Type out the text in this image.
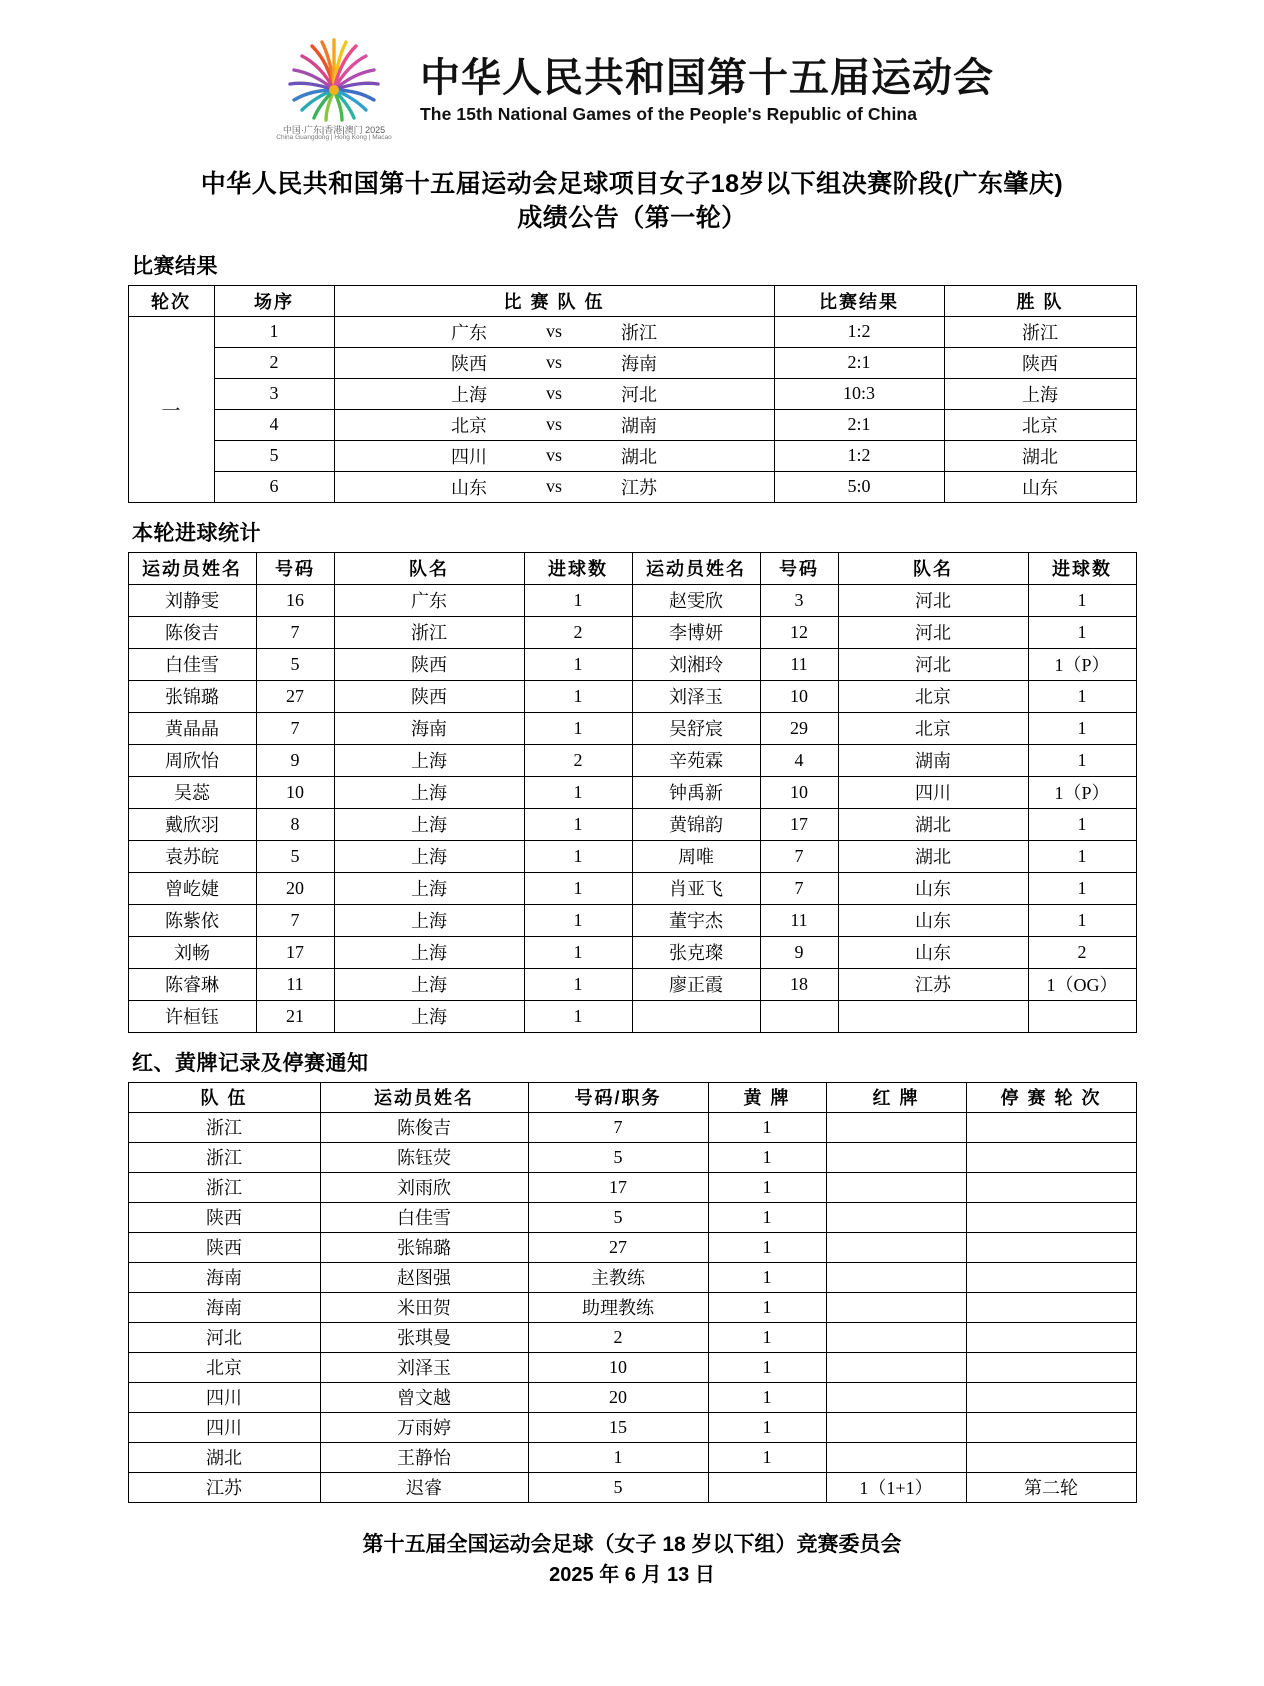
中国·广东|香港|澳门 2025
China Guangdong | Hong Kong | Macao
中华人民共和国第十五届运动会
The 15th National Games of the People's Republic of China
中华人民共和国第十五届运动会足球项目女子18岁以下组决赛阶段(广东肇庆)
成绩公告（第一轮）
比赛结果
轮次	场序	比 赛 队 伍	比赛结果	胜 队
一	1	广东 vs 浙江	1:2	浙江
	2	陕西 vs 海南	2:1	陕西
	3	上海 vs 河北	10:3	上海
	4	北京 vs 湖南	2:1	北京
	5	四川 vs 湖北	1:2	湖北
	6	山东 vs 江苏	5:0	山东
本轮进球统计
运动员姓名	号码	队名	进球数	运动员姓名	号码	队名	进球数
刘静雯	16	广东	1	赵雯欣	3	河北	1
陈俊吉	7	浙江	2	李博妍	12	河北	1
白佳雪	5	陕西	1	刘湘玲	11	河北	1（P）
张锦璐	27	陕西	1	刘泽玉	10	北京	1
黄晶晶	7	海南	1	吴舒宸	29	北京	1
周欣怡	9	上海	2	辛苑霖	4	湖南	1
吴蕊	10	上海	1	钟禹新	10	四川	1（P）
戴欣羽	8	上海	1	黄锦韵	17	湖北	1
袁苏皖	5	上海	1	周唯	7	湖北	1
曾屹婕	20	上海	1	肖亚飞	7	山东	1
陈紫依	7	上海	1	董宇杰	11	山东	1
刘畅	17	上海	1	张克璨	9	山东	2
陈睿琳	11	上海	1	廖正霞	18	江苏	1（OG）
许桓钰	21	上海	1				
红、黄牌记录及停赛通知
队 伍	运动员姓名	号码/职务	黄 牌	红 牌	停 赛 轮 次
浙江	陈俊吉	7	1		
浙江	陈钰荧	5	1		
浙江	刘雨欣	17	1		
陕西	白佳雪	5	1		
陕西	张锦璐	27	1		
海南	赵图强	主教练	1		
海南	米田贺	助理教练	1		
河北	张琪曼	2	1		
北京	刘泽玉	10	1		
四川	曾文越	20	1		
四川	万雨婷	15	1		
湖北	王静怡	1	1		
江苏	迟睿	5		1（1+1）	第二轮
第十五届全国运动会足球（女子 18 岁以下组）竞赛委员会
2025 年 6 月 13 日
